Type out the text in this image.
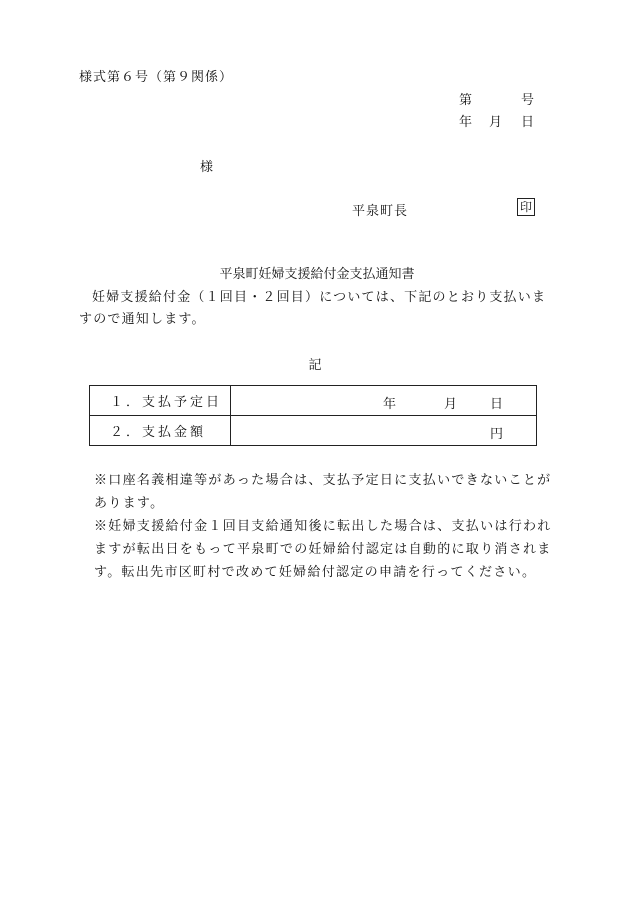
様式第６号（第９関係）
第	号
年 月 日
様
平泉町長	印
平泉町妊婦支援給付金支払通知書

妊婦支援給付金（１回目・２回目）については、下記のとおり支払いますので通知します。

記
１．支払予定日	年 月 日

２．支払金額	円

※口座名義相違等があった場合は、支払予定日に支払いできないことがあります。

※妊婦支援給付金１回目支給通知後に転出した場合は、支払いは行われますが転出日をもって平泉町での妊婦給付認定は自動的に取り消されます。転出先市区町村で改めて妊婦給付認定の申請を行ってください。
